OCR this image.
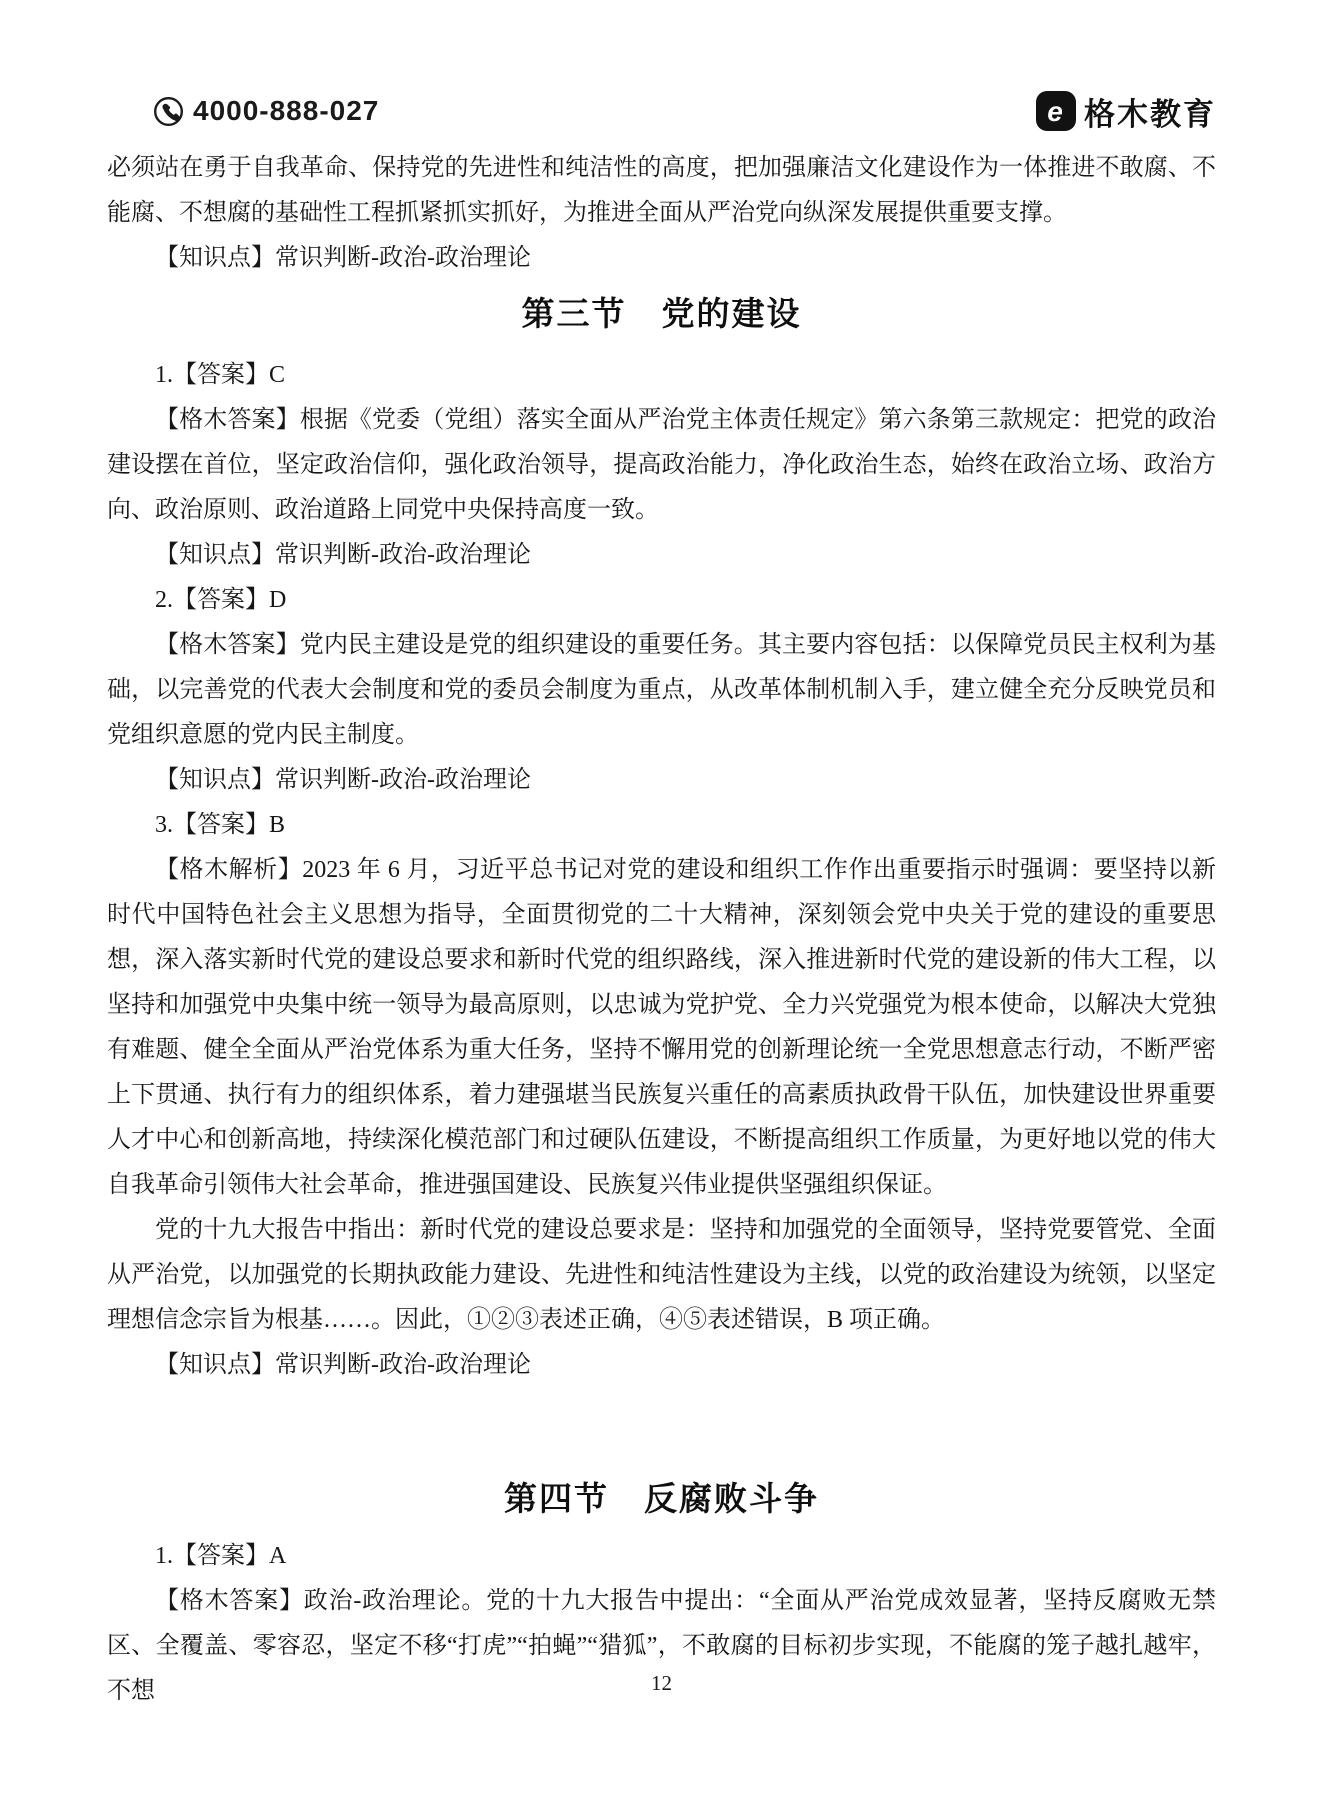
4000-888-027	e 格木教育

必须站在勇于自我革命、保持党的先进性和纯洁性的高度，把加强廉洁文化建设作为一体推进不敢腐、不能腐、不想腐的基础性工程抓紧抓实抓好，为推进全面从严治党向纵深发展提供重要支撑。

【知识点】常识判断-政治-政治理论

第三节　党的建设

1.【答案】C

【格木答案】根据《党委（党组）落实全面从严治党主体责任规定》第六条第三款规定：把党的政治建设摆在首位，坚定政治信仰，强化政治领导，提高政治能力，净化政治生态，始终在政治立场、政治方向、政治原则、政治道路上同党中央保持高度一致。

【知识点】常识判断-政治-政治理论

2.【答案】D

【格木答案】党内民主建设是党的组织建设的重要任务。其主要内容包括：以保障党员民主权利为基础，以完善党的代表大会制度和党的委员会制度为重点，从改革体制机制入手，建立健全充分反映党员和党组织意愿的党内民主制度。

【知识点】常识判断-政治-政治理论

3.【答案】B

【格木解析】2023 年 6 月，习近平总书记对党的建设和组织工作作出重要指示时强调：要坚持以新时代中国特色社会主义思想为指导，全面贯彻党的二十大精神，深刻领会党中央关于党的建设的重要思想，深入落实新时代党的建设总要求和新时代党的组织路线，深入推进新时代党的建设新的伟大工程，以坚持和加强党中央集中统一领导为最高原则，以忠诚为党护党、全力兴党强党为根本使命，以解决大党独有难题、健全全面从严治党体系为重大任务，坚持不懈用党的创新理论统一全党思想意志行动，不断严密上下贯通、执行有力的组织体系，着力建强堪当民族复兴重任的高素质执政骨干队伍，加快建设世界重要人才中心和创新高地，持续深化模范部门和过硬队伍建设，不断提高组织工作质量，为更好地以党的伟大自我革命引领伟大社会革命，推进强国建设、民族复兴伟业提供坚强组织保证。

党的十九大报告中指出：新时代党的建设总要求是：坚持和加强党的全面领导，坚持党要管党、全面从严治党，以加强党的长期执政能力建设、先进性和纯洁性建设为主线，以党的政治建设为统领，以坚定理想信念宗旨为根基……。因此，①②③表述正确，④⑤表述错误，B 项正确。

【知识点】常识判断-政治-政治理论

第四节　反腐败斗争

1.【答案】A

【格木答案】政治-政治理论。党的十九大报告中提出：“全面从严治党成效显著，坚持反腐败无禁区、全覆盖、零容忍，坚定不移“打虎”“拍蝇”“猎狐”，不敢腐的目标初步实现，不能腐的笼子越扎越牢，不想	12
